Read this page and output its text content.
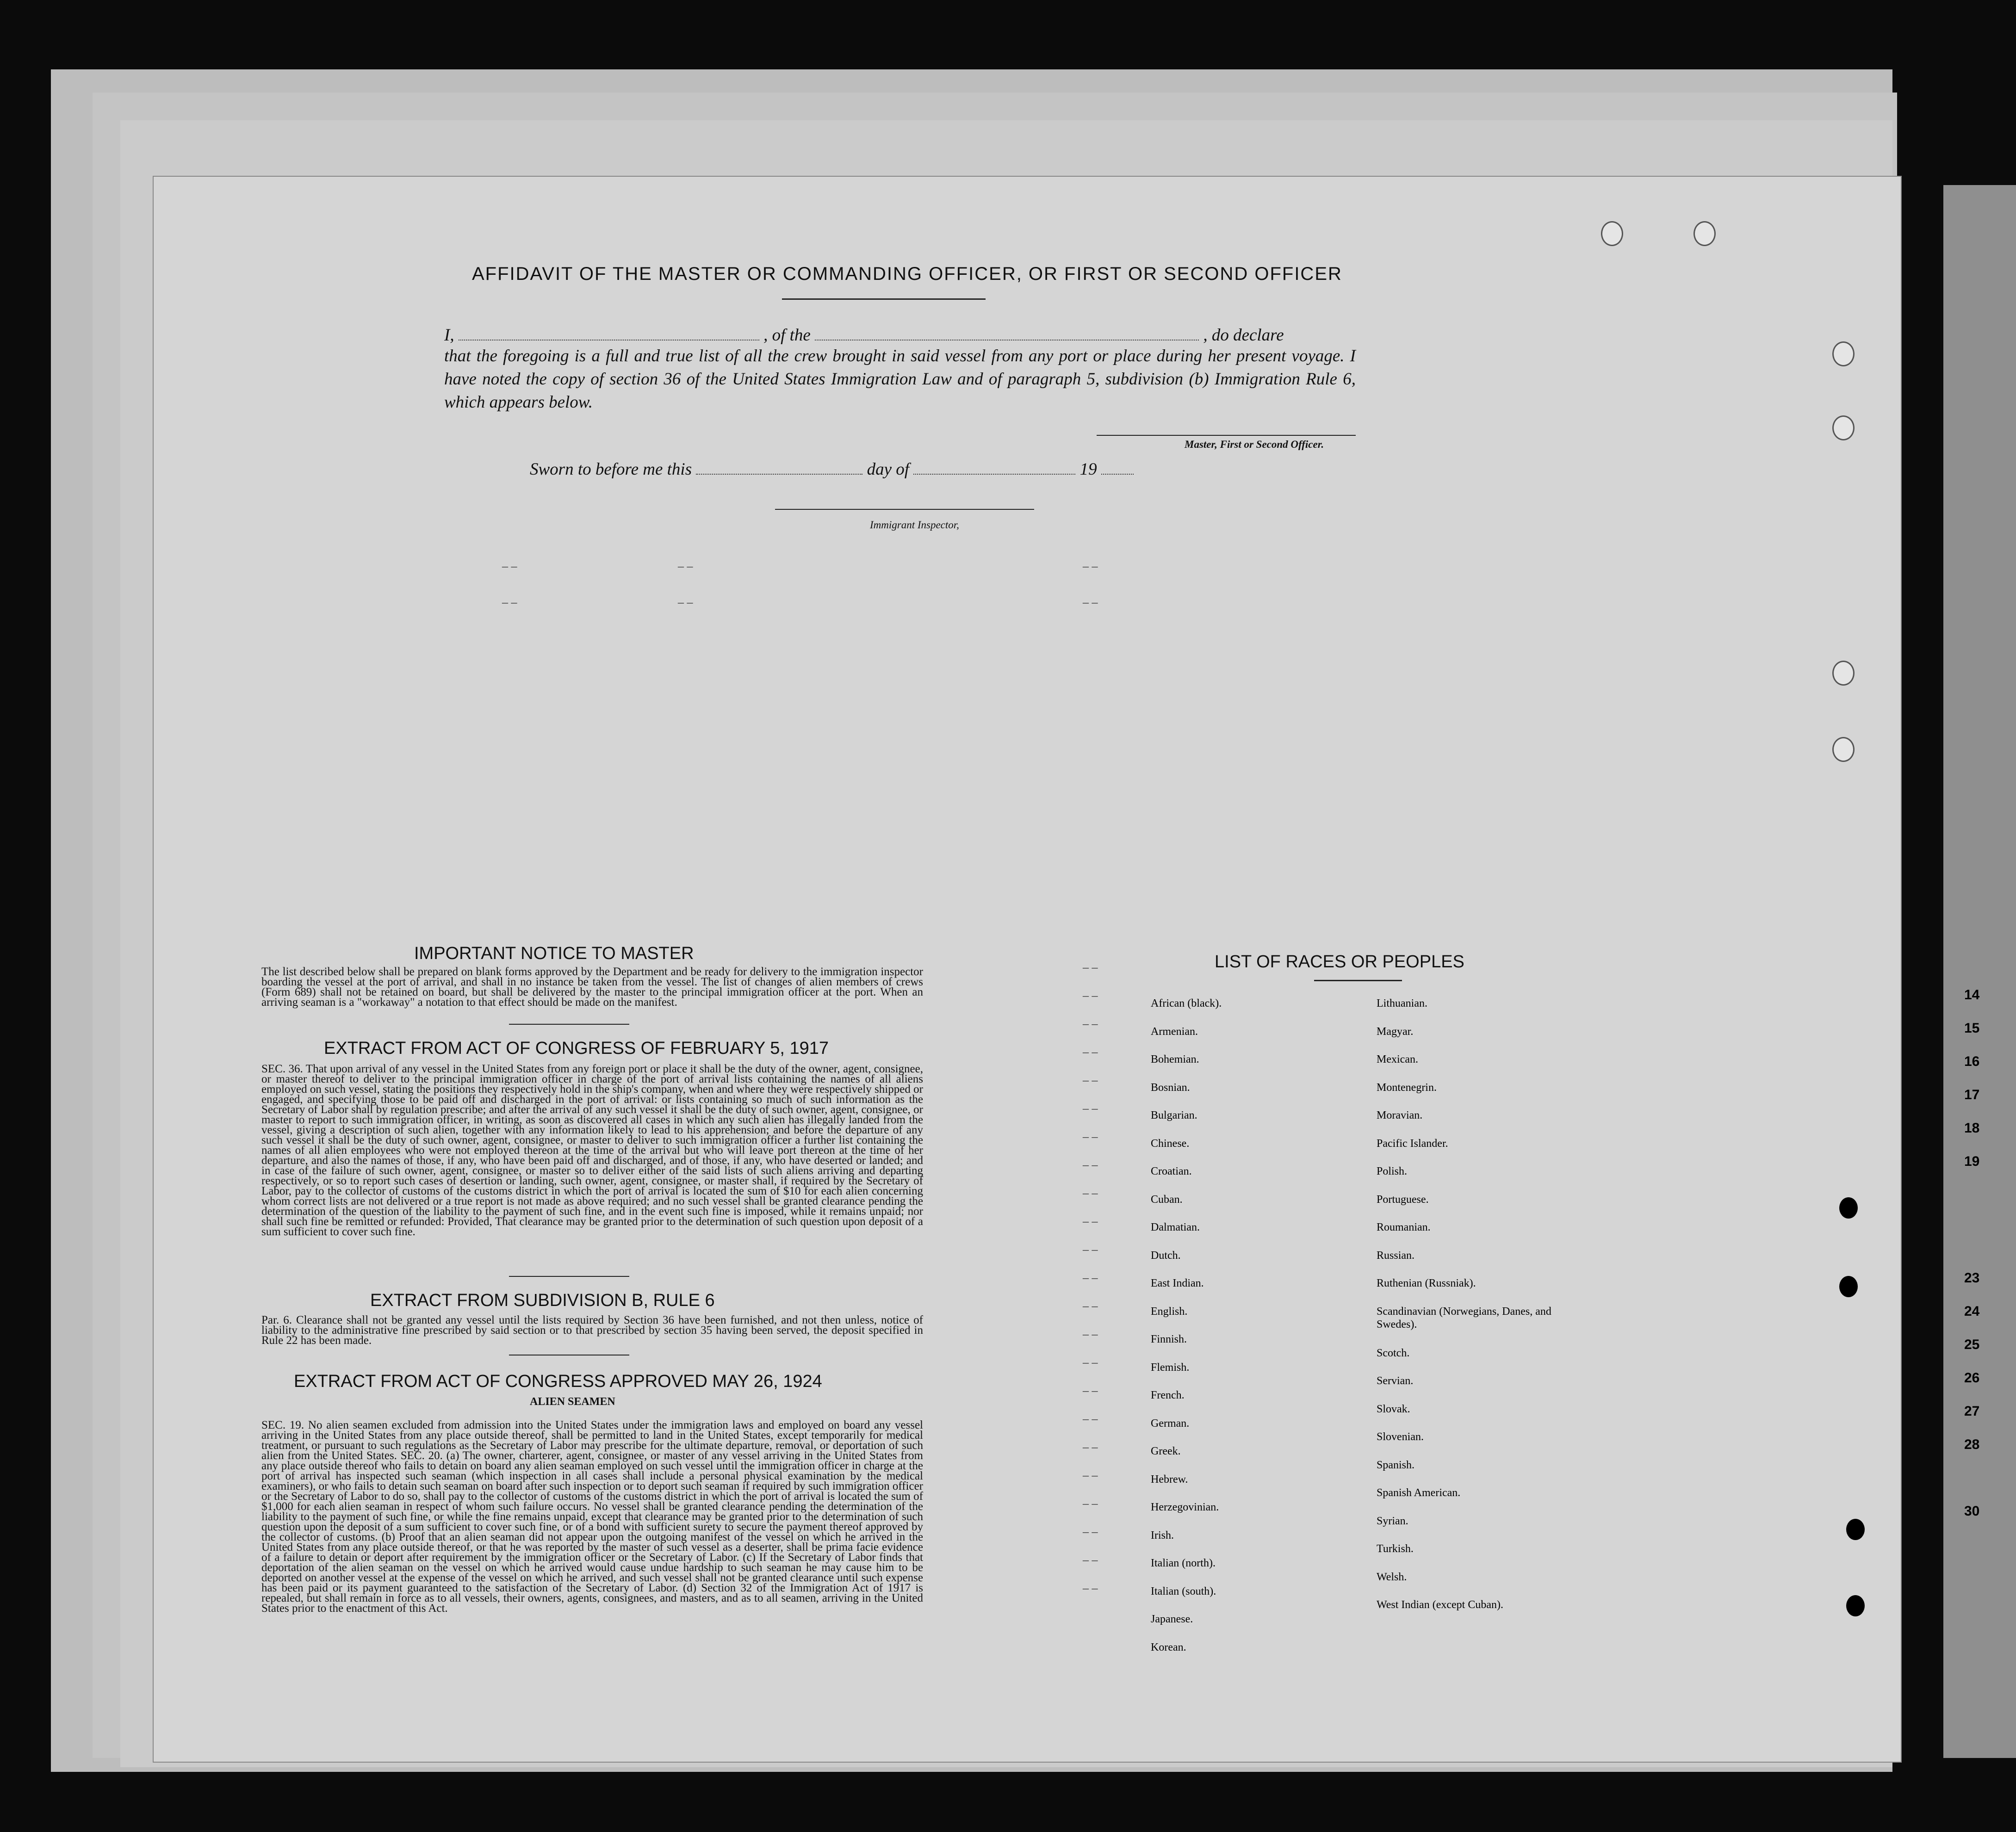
AFFIDAVIT OF THE MASTER OR COMMANDING OFFICER, OR FIRST OR SECOND OFFICER
I,	, of the	, do declare
that the foregoing is a full and true list of all the crew brought in said vessel from any port or place during her present voyage. I have noted the copy of section 36 of the United States Immigration Law and of paragraph 5, subdivision (b) Immigration Rule 6, which appears below.
Master, First or Second Officer.
Sworn to before me this	day of	19
Immigrant Inspector,
– –
– –

– –
– –

– –
– –

– –
– –
– –
– –
– –
– –
– –
– –
– –
– –
– –
– –
– –
– –
– –
– –
– –
– –
– –
– –
– –
– –
– –
IMPORTANT NOTICE TO MASTER
The list described below shall be prepared on blank forms approved by the Department and be ready for delivery to the immigration inspector boarding the vessel at the port of arrival, and shall in no instance be taken from the vessel. The list of changes of alien members of crews (Form 689) shall not be retained on board, but shall be delivered by the master to the principal immigration officer at the port. When an arriving seaman is a "workaway" a notation to that effect should be made on the manifest.
EXTRACT FROM ACT OF CONGRESS OF FEBRUARY 5, 1917
SEC. 36. That upon arrival of any vessel in the United States from any foreign port or place it shall be the duty of the owner, agent, consignee, or master thereof to deliver to the principal immigration officer in charge of the port of arrival lists containing the names of all aliens employed on such vessel, stating the positions they respectively hold in the ship's company, when and where they were respectively shipped or engaged, and specifying those to be paid off and discharged in the port of arrival: or lists containing so much of such information as the Secretary of Labor shall by regulation prescribe; and after the arrival of any such vessel it shall be the duty of such owner, agent, consignee, or master to report to such immigration officer, in writing, as soon as discovered all cases in which any such alien has illegally landed from the vessel, giving a description of such alien, together with any information likely to lead to his apprehension; and before the departure of any such vessel it shall be the duty of such owner, agent, consignee, or master to deliver to such immigration officer a further list containing the names of all alien employees who were not employed thereon at the time of the arrival but who will leave port thereon at the time of her departure, and also the names of those, if any, who have been paid off and discharged, and of those, if any, who have deserted or landed; and in case of the failure of such owner, agent, consignee, or master so to deliver either of the said lists of such aliens arriving and departing respectively, or so to report such cases of desertion or landing, such owner, agent, consignee, or master shall, if required by the Secretary of Labor, pay to the collector of customs of the customs district in which the port of arrival is located the sum of $10 for each alien concerning whom correct lists are not delivered or a true report is not made as above required; and no such vessel shall be granted clearance pending the determination of the question of the liability to the payment of such fine, and in the event such fine is imposed, while it remains unpaid; nor shall such fine be remitted or refunded: Provided, That clearance may be granted prior to the determination of such question upon deposit of a sum sufficient to cover such fine.
EXTRACT FROM SUBDIVISION B, RULE 6
Par. 6. Clearance shall not be granted any vessel until the lists required by Section 36 have been furnished, and not then unless, notice of liability to the administrative fine prescribed by said section or to that prescribed by section 35 having been served, the deposit specified in Rule 22 has been made.
EXTRACT FROM ACT OF CONGRESS APPROVED MAY 26, 1924
ALIEN SEAMEN
SEC. 19. No alien seamen excluded from admission into the United States under the immigration laws and employed on board any vessel arriving in the United States from any place outside thereof, shall be permitted to land in the United States, except temporarily for medical treatment, or pursuant to such regulations as the Secretary of Labor may prescribe for the ultimate departure, removal, or deportation of such alien from the United States. SEC. 20. (a) The owner, charterer, agent, consignee, or master of any vessel arriving in the United States from any place outside thereof who fails to detain on board any alien seaman employed on such vessel until the immigration officer in charge at the port of arrival has inspected such seaman (which inspection in all cases shall include a personal physical examination by the medical examiners), or who fails to detain such seaman on board after such inspection or to deport such seaman if required by such immigration officer or the Secretary of Labor to do so, shall pay to the collector of customs of the customs district in which the port of arrival is located the sum of $1,000 for each alien seaman in respect of whom such failure occurs. No vessel shall be granted clearance pending the determination of the liability to the payment of such fine, or while the fine remains unpaid, except that clearance may be granted prior to the determination of such question upon the deposit of a sum sufficient to cover such fine, or of a bond with sufficient surety to secure the payment thereof approved by the collector of customs. (b) Proof that an alien seaman did not appear upon the outgoing manifest of the vessel on which he arrived in the United States from any place outside thereof, or that he was reported by the master of such vessel as a deserter, shall be prima facie evidence of a failure to detain or deport after requirement by the immigration officer or the Secretary of Labor. (c) If the Secretary of Labor finds that deportation of the alien seaman on the vessel on which he arrived would cause undue hardship to such seaman he may cause him to be deported on another vessel at the expense of the vessel on which he arrived, and such vessel shall not be granted clearance until such expense has been paid or its payment guaranteed to the satisfaction of the Secretary of Labor. (d) Section 32 of the Immigration Act of 1917 is repealed, but shall remain in force as to all vessels, their owners, agents, consignees, and masters, and as to all seamen, arriving in the United States prior to the enactment of this Act.
LIST OF RACES OR PEOPLES
African (black).
Armenian.
Bohemian.
Bosnian.
Bulgarian.
Chinese.
Croatian.
Cuban.
Dalmatian.
Dutch.
East Indian.
English.
Finnish.
Flemish.
French.
German.
Greek.
Hebrew.
Herzegovinian.
Irish.
Italian (north).
Italian (south).
Japanese.
Korean.
Lithuanian.
Magyar.
Mexican.
Montenegrin.
Moravian.
Pacific Islander.
Polish.
Portuguese.
Roumanian.
Russian.
Ruthenian (Russniak).
Scandinavian (Norwegians, Danes, and Swedes).
Scotch.
Servian.
Slovak.
Slovenian.
Spanish.
Spanish American.
Syrian.
Turkish.
Welsh.
West Indian (except Cuban).
14
15
16
17
18
19
23
24
25
26
27
28
30
